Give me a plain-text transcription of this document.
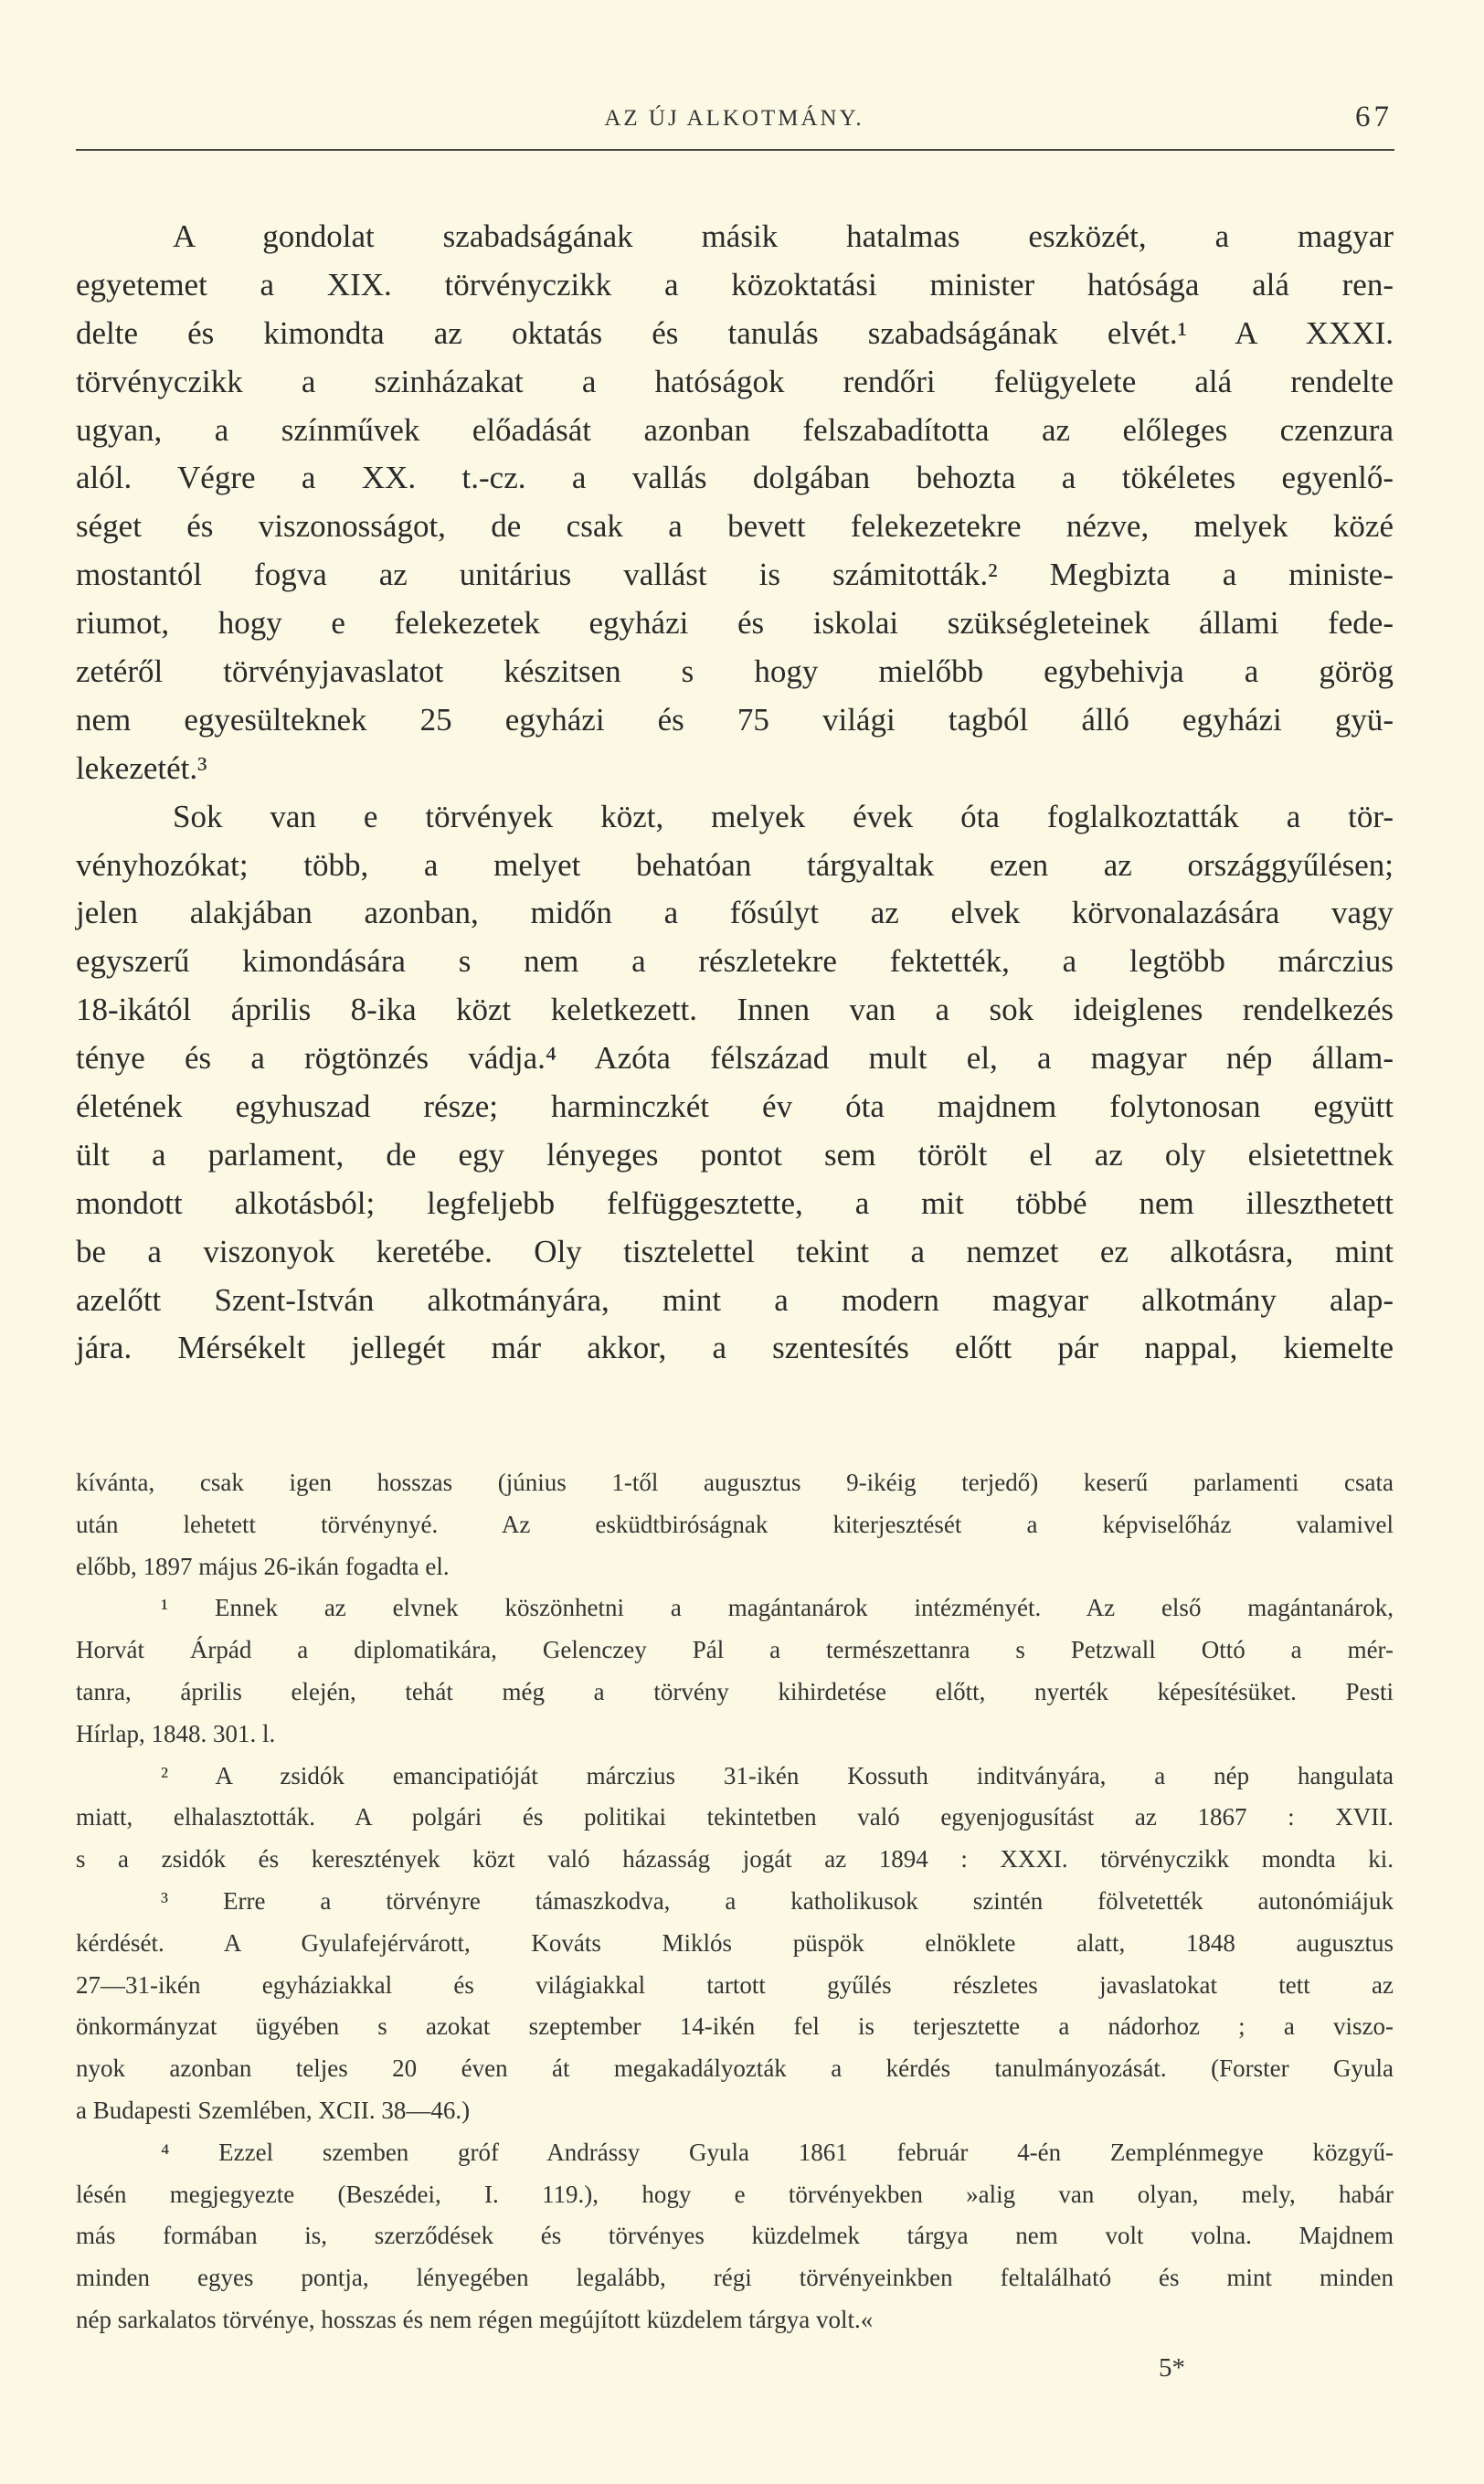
AZ ÚJ ALKOTMÁNY.	67
A gondolat szabadságának másik hatalmas eszközét, a magyar
egyetemet a XIX. törvényczikk a közoktatási minister hatósága alá ren-
delte és kimondta az oktatás és tanulás szabadságának elvét.¹ A XXXI.
törvényczikk a szinházakat a hatóságok rendőri felügyelete alá rendelte
ugyan, a színművek előadását azonban felszabadította az előleges czenzura
alól. Végre a XX. t.-cz. a vallás dolgában behozta a tökéletes egyenlő-
séget és viszonosságot, de csak a bevett felekezetekre nézve, melyek közé
mostantól fogva az unitárius vallást is számitották.² Megbizta a ministe-
riumot, hogy e felekezetek egyházi és iskolai szükségleteinek állami fede-
zetéről törvényjavaslatot készitsen s hogy mielőbb egybehivja a görög
nem egyesülteknek 25 egyházi és 75 világi tagból álló egyházi gyü-
lekezetét.³
Sok van e törvények közt, melyek évek óta foglalkoztatták a tör-
vényhozókat; több, a melyet behatóan tárgyaltak ezen az országgyűlésen;
jelen alakjában azonban, midőn a fősúlyt az elvek körvonalazására vagy
egyszerű kimondására s nem a részletekre fektették, a legtöbb márczius
18-ikától április 8-ika közt keletkezett. Innen van a sok ideiglenes rendelkezés
ténye és a rögtönzés vádja.⁴ Azóta félszázad mult el, a magyar nép állam-
életének egyhuszad része; harminczkét év óta majdnem folytonosan együtt
ült a parlament, de egy lényeges pontot sem törölt el az oly elsietettnek
mondott alkotásból; legfeljebb felfüggesztette, a mit többé nem illeszthetett
be a viszonyok keretébe. Oly tisztelettel tekint a nemzet ez alkotásra, mint
azelőtt Szent-István alkotmányára, mint a modern magyar alkotmány alap-
jára. Mérsékelt jellegét már akkor, a szentesítés előtt pár nappal, kiemelte
kívánta, csak igen hosszas (június 1-től augusztus 9-ikéig terjedő) keserű parlamenti csata
után lehetett törvénynyé. Az esküdtbiróságnak kiterjesztését a képviselőház valamivel
előbb, 1897 május 26-ikán fogadta el.
¹ Ennek az elvnek köszönhetni a magántanárok intézményét. Az első magántanárok,
Horvát Árpád a diplomatikára, Gelenczey Pál a természettanra s Petzwall Ottó a mér-
tanra, április elején, tehát még a törvény kihirdetése előtt, nyerték képesítésüket. Pesti
Hírlap, 1848. 301. l.
² A zsidók emancipatióját márczius 31-ikén Kossuth inditványára, a nép hangulata
miatt, elhalasztották. A polgári és politikai tekintetben való egyenjogusítást az 1867 : XVII.
s a zsidók és keresztények közt való házasság jogát az 1894 : XXXI. törvényczikk mondta ki.
³ Erre a törvényre támaszkodva, a katholikusok szintén fölvetették autonómiájuk
kérdését. A Gyulafejérvárott, Kováts Miklós püspök elnöklete alatt, 1848 augusztus
27—31-ikén egyháziakkal és világiakkal tartott gyűlés részletes javaslatokat tett az
önkormányzat ügyében s azokat szeptember 14-ikén fel is terjesztette a nádorhoz ; a viszo-
nyok azonban teljes 20 éven át megakadályozták a kérdés tanulmányozását. (Forster Gyula
a Budapesti Szemlében, XCII. 38—46.)
⁴ Ezzel szemben gróf Andrássy Gyula 1861 február 4-én Zemplénmegye közgyű-
lésén megjegyezte (Beszédei, I. 119.), hogy e törvényekben »alig van olyan, mely, habár
más formában is, szerződések és törvényes küzdelmek tárgya nem volt volna. Majdnem
minden egyes pontja, lényegében legalább, régi törvényeinkben feltalálható és mint minden
nép sarkalatos törvénye, hosszas és nem régen megújított küzdelem tárgya volt.«
5*
